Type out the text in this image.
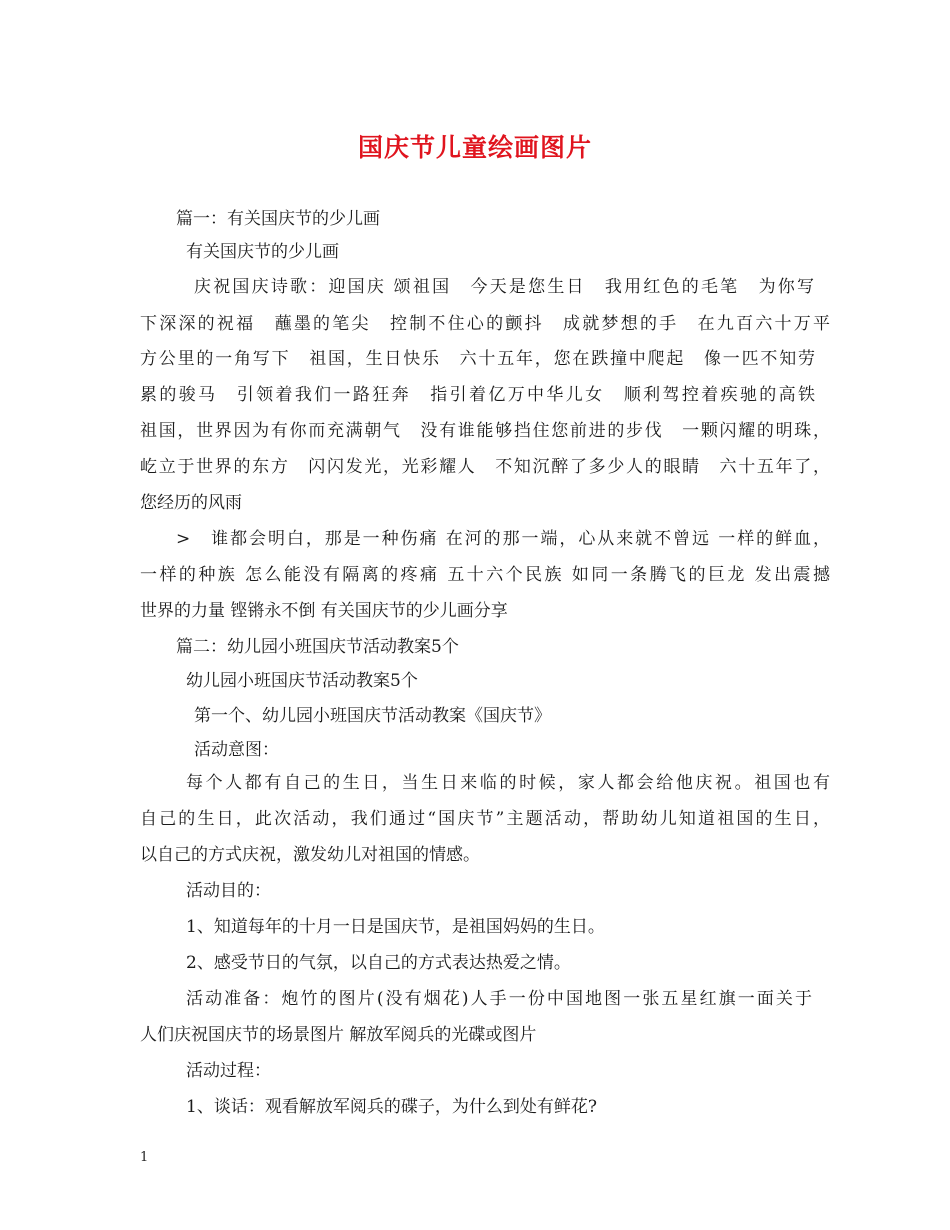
国庆节儿童绘画图片
篇一：有关国庆节的少儿画
有关国庆节的少儿画
庆祝国庆诗歌：迎国庆 颂祖国　今天是您生日　我用红色的毛笔　为你写
下深深的祝福　蘸墨的笔尖　控制不住心的颤抖　成就梦想的手　在九百六十万平
方公里的一角写下　祖国，生日快乐　六十五年，您在跌撞中爬起　像一匹不知劳
累的骏马　引领着我们一路狂奔　指引着亿万中华儿女　顺利驾控着疾驰的高铁
祖国，世界因为有你而充满朝气　没有谁能够挡住您前进的步伐　一颗闪耀的明珠，
屹立于世界的东方　闪闪发光，光彩耀人　不知沉醉了多少人的眼睛　六十五年了，
您经历的风雨
>　谁都会明白，那是一种伤痛 在河的那一端，心从来就不曾远 一样的鲜血，
一样的种族 怎么能没有隔离的疼痛 五十六个民族 如同一条腾飞的巨龙 发出震撼
世界的力量 铿锵永不倒 有关国庆节的少儿画分享
篇二：幼儿园小班国庆节活动教案5个
幼儿园小班国庆节活动教案5个
第一个、幼儿园小班国庆节活动教案《国庆节》
活动意图：
每个人都有自己的生日，当生日来临的时候，家人都会给他庆祝。祖国也有
自己的生日，此次活动，我们通过“国庆节”主题活动，帮助幼儿知道祖国的生日，
以自己的方式庆祝，激发幼儿对祖国的情感。
活动目的：
1、知道每年的十月一日是国庆节，是祖国妈妈的生日。
2、感受节日的气氛，以自己的方式表达热爱之情。
活动准备：炮竹的图片(没有烟花)人手一份中国地图一张五星红旗一面关于
人们庆祝国庆节的场景图片 解放军阅兵的光碟或图片
活动过程：
1、谈话：观看解放军阅兵的碟子，为什么到处有鲜花?
1
